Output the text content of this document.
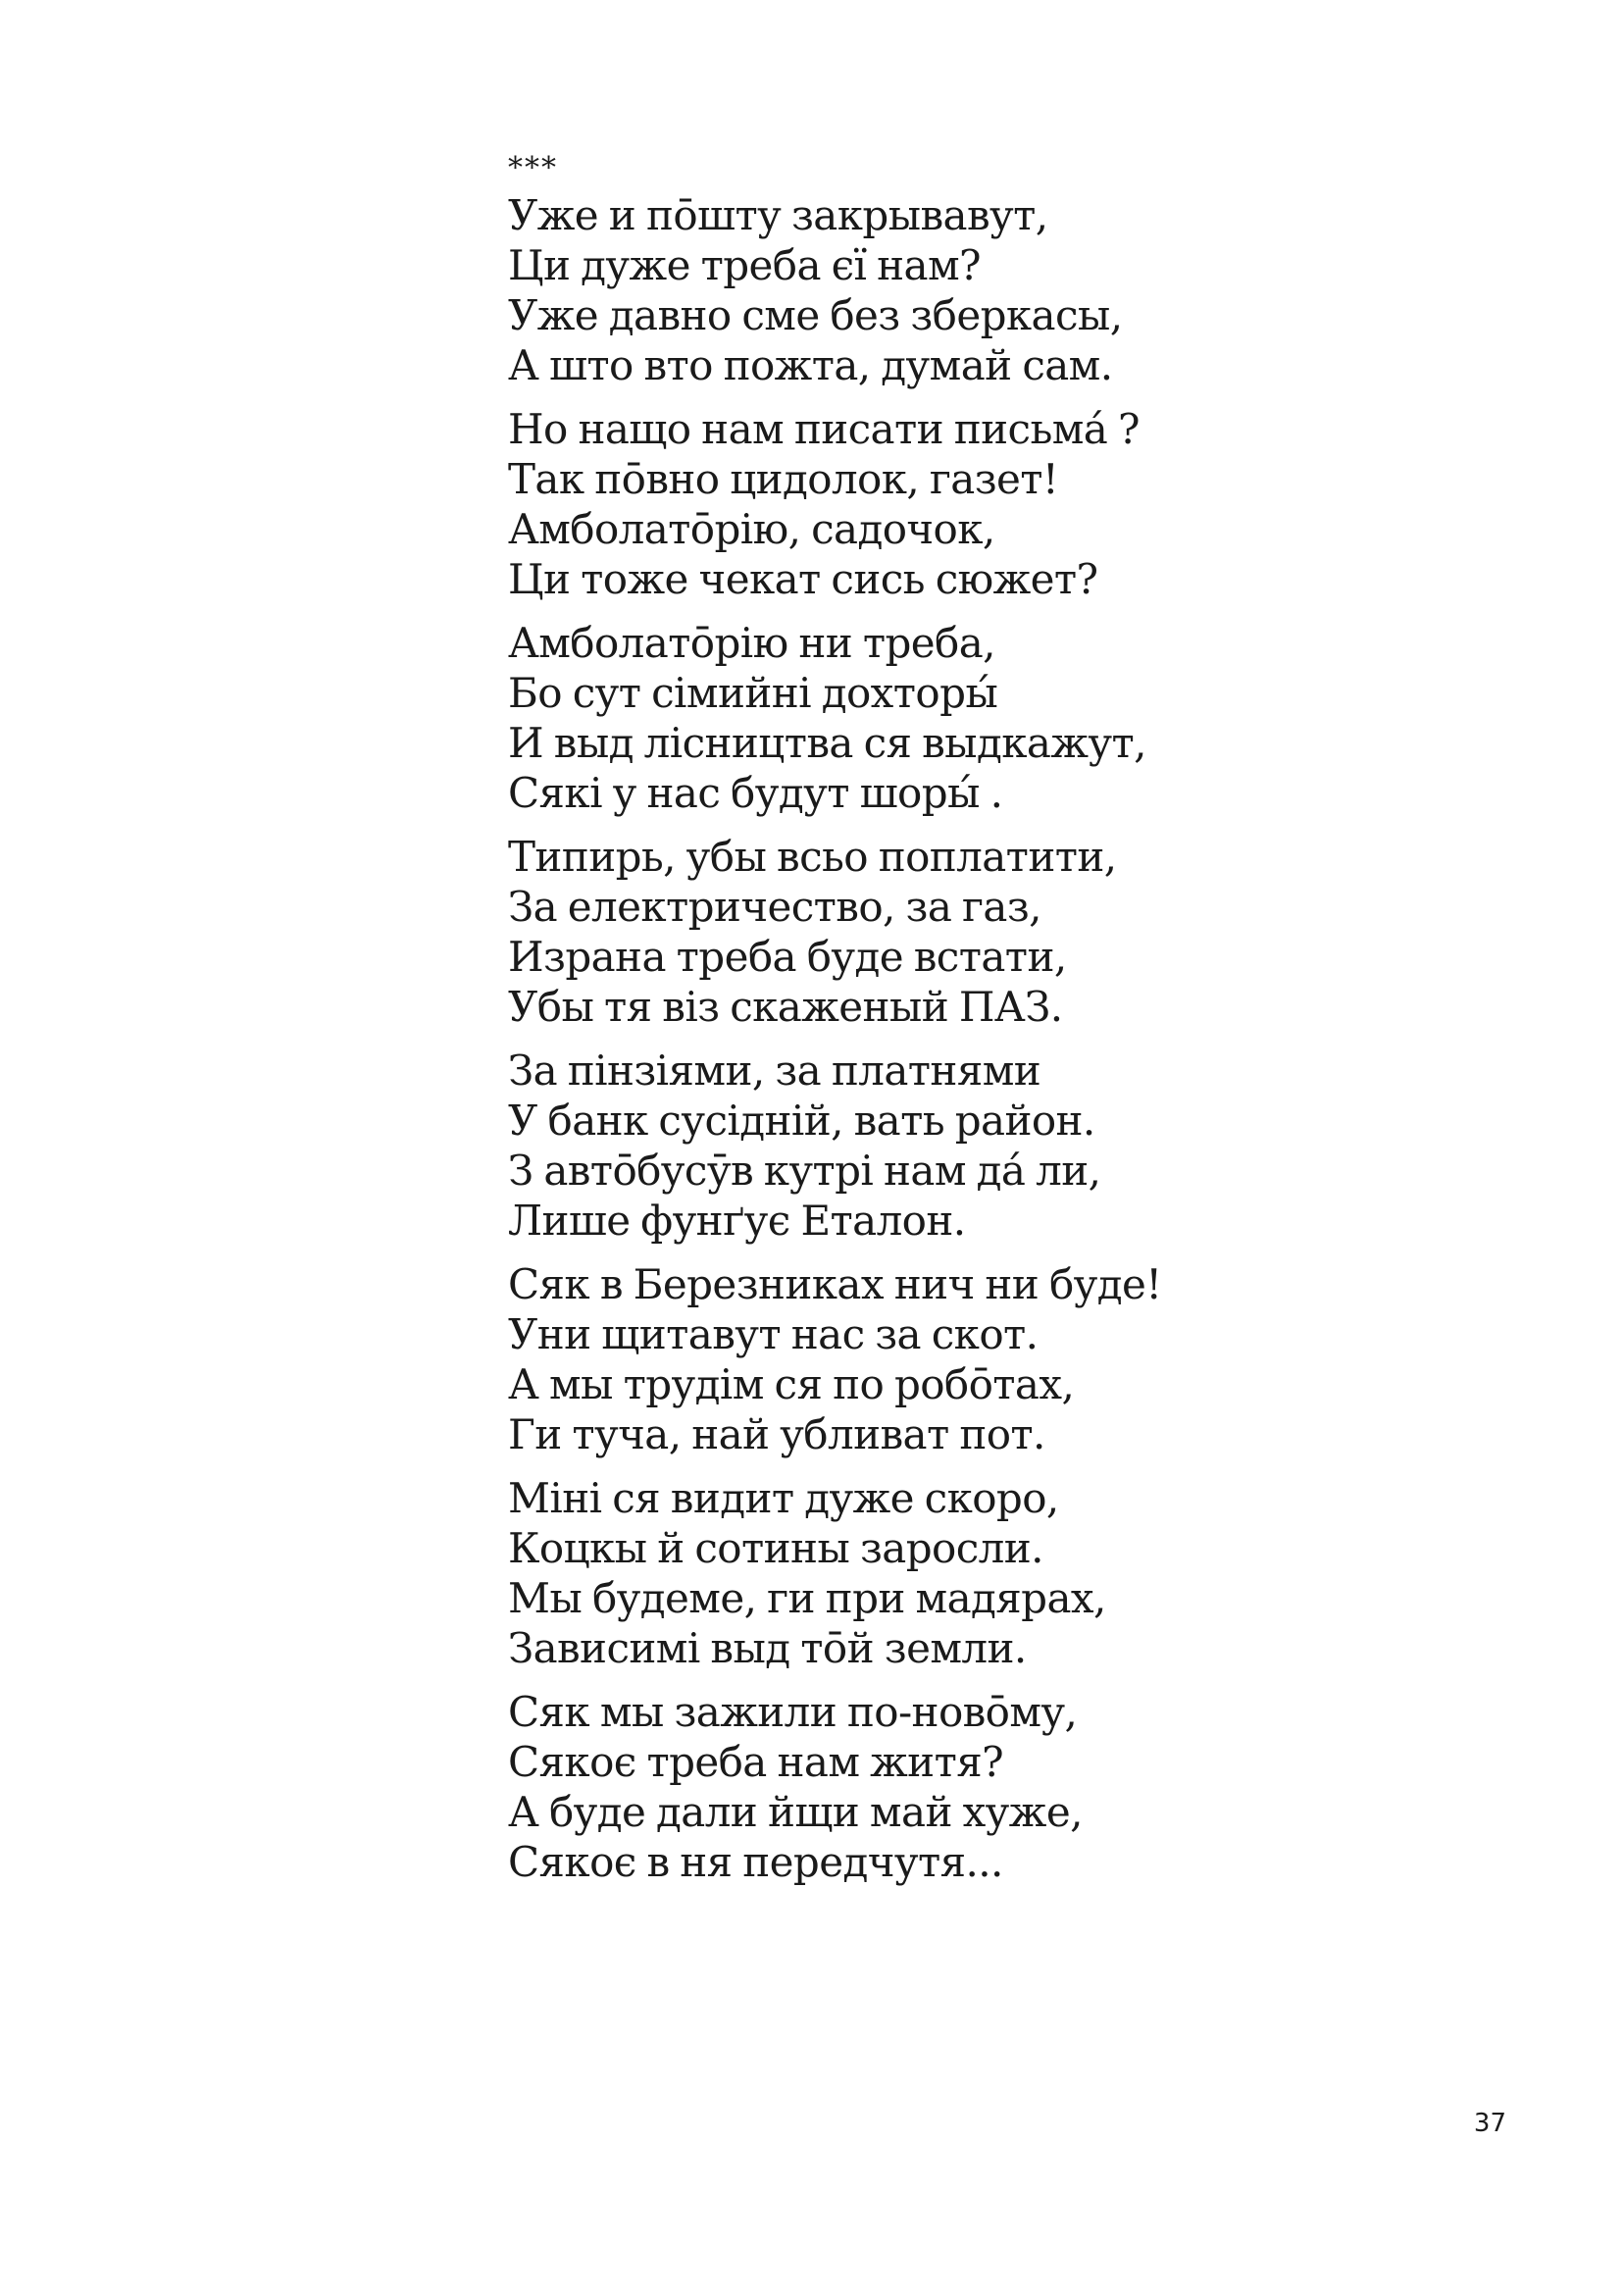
***
Уже и пōшту закрывавут,
Ци дуже треба єї нам?
Уже давно сме без зберкасы,
А што вто пожта, думай сам.
Но нащо нам писати письма́ ?
Так пōвно цидолок, газет!
Амболатōрію, садочок,
Ци тоже чекат сись сюжет?
Амболатōрію ни треба,
Бо сут сімийні дохторы́
И выд лісництва ся выдкажут,
Сякі у нас будут шоры́ .
Типирь, убы всьо поплатити,
За електричество, за газ,
Израна треба буде встати,
Убы тя віз скаженый ПАЗ.
За пінзіями, за платнями
У банк сусідній, вать район.
З автōбусӯв кутрі нам да́ ли,
Лише фунґує Еталон.
Сяк в Березниках нич ни буде!
Уни щитавут нас за скот.
А мы трудім ся по робōтах,
Ги туча, най убливат пот.
Міні ся видит дуже скоро,
Коцкы й сотины заросли.
Мы будеме, ги при мадярах,
Зависимі выд тōй земли.
Сяк мы зажили по-новōму,
Сякоє треба нам житя?
А буде дали йщи май хуже,
Сякоє в ня передчутя...
37
